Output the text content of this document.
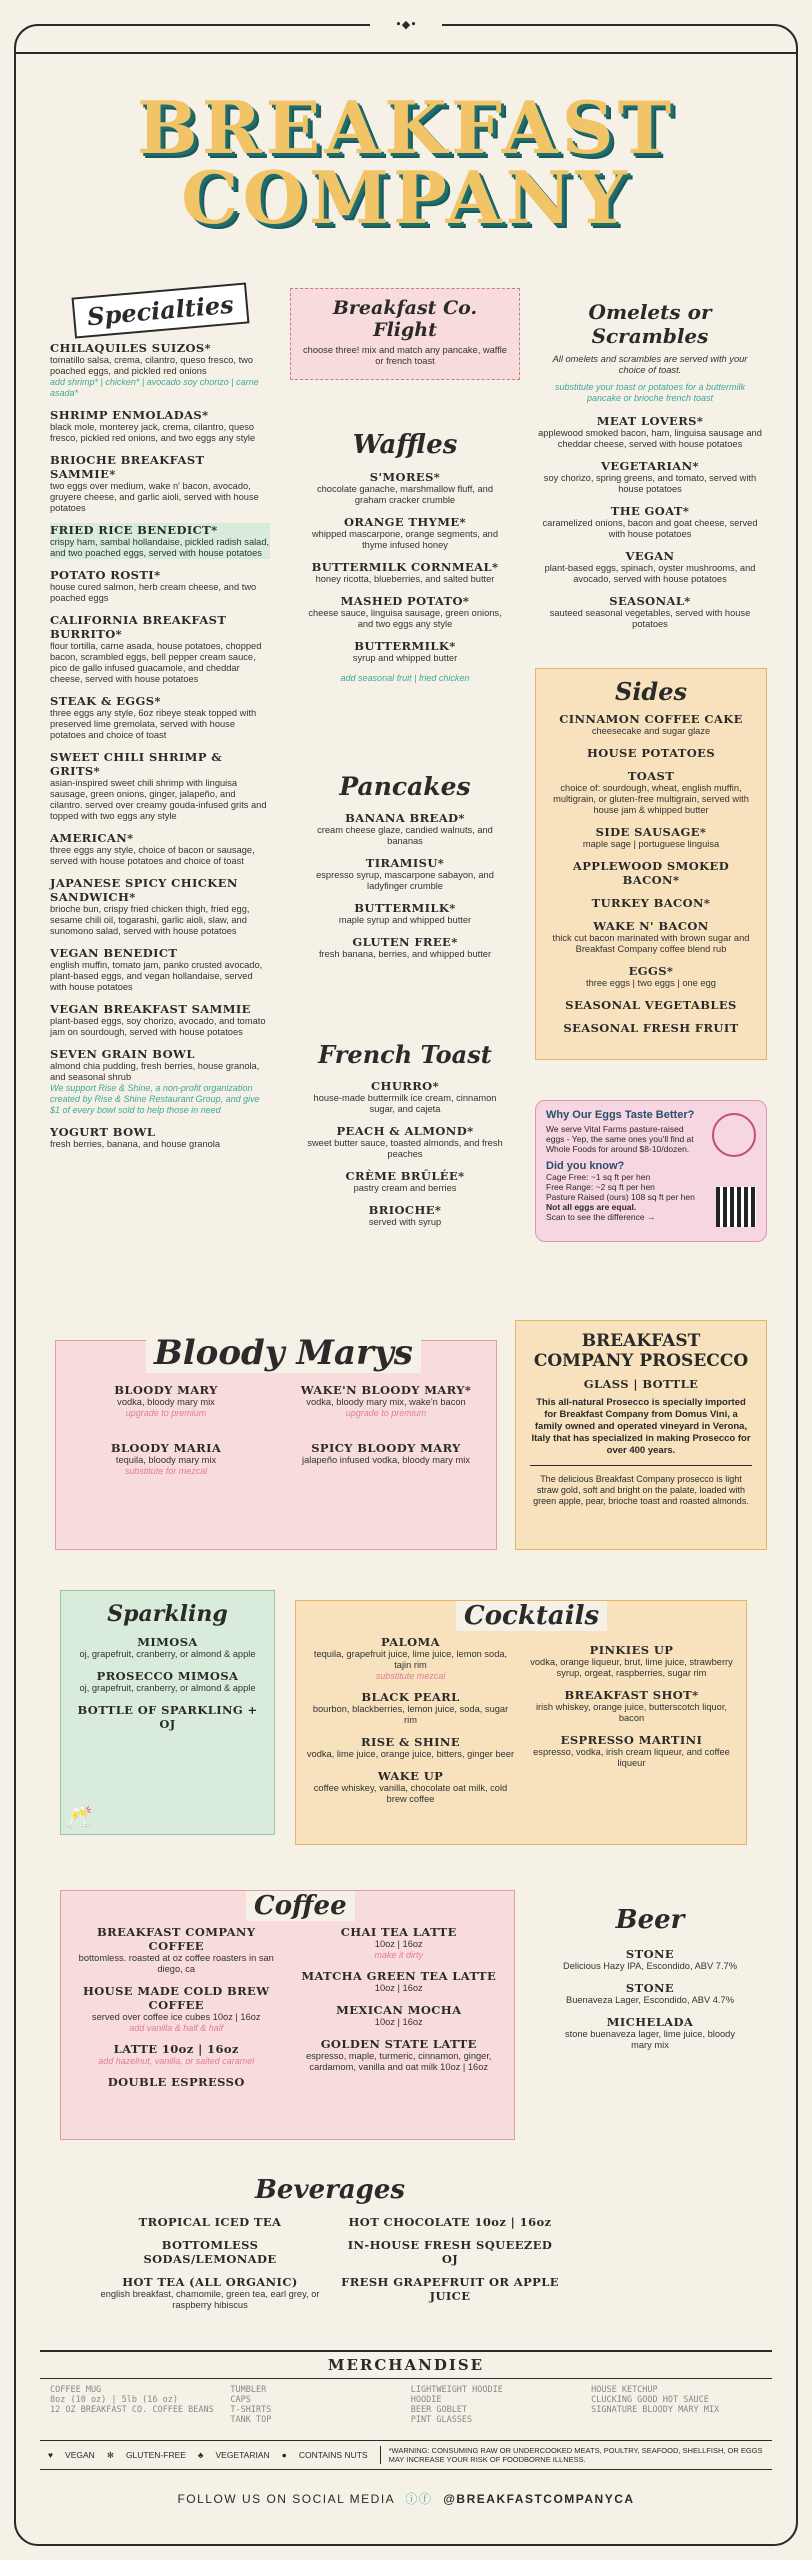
•◆•
BREAKFAST
COMPANY
Specialties
CHILAQUILES SUIZOS*
tomatillo salsa, crema, cilantro, queso fresco, two poached eggs, and pickled red onions
add shrimp* | chicken* | avocado soy chorizo | carne asada*
SHRIMP ENMOLADAS*
black mole, monterey jack, crema, cilantro, queso fresco, pickled red onions, and two eggs any style
BRIOCHE BREAKFAST SAMMIE*
two eggs over medium, wake n' bacon, avocado, gruyere cheese, and garlic aioli, served with house potatoes
FRIED RICE BENEDICT*
crispy ham, sambal hollandaise, pickled radish salad, and two poached eggs, served with house potatoes
POTATO ROSTI*
house cured salmon, herb cream cheese, and two poached eggs
CALIFORNIA BREAKFAST BURRITO*
flour tortilla, carne asada, house potatoes, chopped bacon, scrambled eggs, bell pepper cream sauce, pico de gallo infused guacamole, and cheddar cheese, served with house potatoes
STEAK & EGGS*
three eggs any style, 6oz ribeye steak topped with preserved lime gremolata, served with house potatoes and choice of toast
SWEET CHILI SHRIMP & GRITS*
asian-inspired sweet chili shrimp with linguisa sausage, green onions, ginger, jalapeño, and cilantro. served over creamy gouda-infused grits and topped with two eggs any style
AMERICAN*
three eggs any style, choice of bacon or sausage, served with house potatoes and choice of toast
JAPANESE SPICY CHICKEN SANDWICH*
brioche bun, crispy fried chicken thigh, fried egg, sesame chili oil, togarashi, garlic aioli, slaw, and sunomono salad, served with house potatoes
VEGAN BENEDICT
english muffin, tomato jam, panko crusted avocado, plant-based eggs, and vegan hollandaise, served with house potatoes
VEGAN BREAKFAST SAMMIE
plant-based eggs, soy chorizo, avocado, and tomato jam on sourdough, served with house potatoes
SEVEN GRAIN BOWL
almond chia pudding, fresh berries, house granola, and seasonal shrub
We support Rise & Shine, a non-profit organization created by Rise & Shine Restaurant Group, and give $1 of every bowl sold to help those in need
YOGURT BOWL
fresh berries, banana, and house granola
Breakfast Co. Flight
choose three! mix and match any pancake, waffle or french toast
Waffles
S'MORES*
chocolate ganache, marshmallow fluff, and graham cracker crumble
ORANGE THYME*
whipped mascarpone, orange segments, and thyme infused honey
BUTTERMILK CORNMEAL*
honey ricotta, blueberries, and salted butter
MASHED POTATO*
cheese sauce, linguisa sausage, green onions, and two eggs any style
BUTTERMILK*
syrup and whipped butter
add seasonal fruit | fried chicken
Pancakes
BANANA BREAD*
cream cheese glaze, candied walnuts, and bananas
TIRAMISU*
espresso syrup, mascarpone sabayon, and ladyfinger crumble
BUTTERMILK*
maple syrup and whipped butter
GLUTEN FREE*
fresh banana, berries, and whipped butter
French Toast
CHURRO*
house-made buttermilk ice cream, cinnamon sugar, and cajeta
PEACH & ALMOND*
sweet butter sauce, toasted almonds, and fresh peaches
CRÈME BRÛLÉE*
pastry cream and berries
BRIOCHE*
served with syrup
Omelets or Scrambles
All omelets and scrambles are served with your choice of toast.
substitute your toast or potatoes for a buttermilk pancake or brioche french toast
MEAT LOVERS*
applewood smoked bacon, ham, linguisa sausage and cheddar cheese, served with house potatoes
VEGETARIAN*
soy chorizo, spring greens, and tomato, served with house potatoes
THE GOAT*
caramelized onions, bacon and goat cheese, served with house potatoes
VEGAN
plant-based eggs, spinach, oyster mushrooms, and avocado, served with house potatoes
SEASONAL*
sauteed seasonal vegetables, served with house potatoes
Sides
CINNAMON COFFEE CAKE
cheesecake and sugar glaze
HOUSE POTATOES
TOAST
choice of: sourdough, wheat, english muffin, multigrain, or gluten-free multigrain, served with house jam & whipped butter
SIDE SAUSAGE*
maple sage | portuguese linguisa
APPLEWOOD SMOKED BACON*
TURKEY BACON*
WAKE N' BACON
thick cut bacon marinated with brown sugar and Breakfast Company coffee blend rub
EGGS*
three eggs | two eggs | one egg
SEASONAL VEGETABLES
SEASONAL FRESH FRUIT
Why Our Eggs Taste Better?
We serve Vital Farms pasture-raised eggs - Yep, the same ones you'll find at Whole Foods for around $8-10/dozen.
Did you know?
Cage Free: ~1 sq ft per hen
Free Range: ~2 sq ft per hen
Pasture Raised (ours) 108 sq ft per hen
Not all eggs are equal.
Scan to see the difference →
Bloody Marys
BLOODY MARY
vodka, bloody mary mix
upgrade to premium
WAKE'N BLOODY MARY*
vodka, bloody mary mix, wake'n bacon
upgrade to premium
BLOODY MARIA
tequila, bloody mary mix
substitute for mezcal
SPICY BLOODY MARY
jalapeño infused vodka, bloody mary mix
BREAKFAST COMPANY PROSECCO
GLASS | BOTTLE
This all-natural Prosecco is specially imported for Breakfast Company from Domus Vini, a family owned and operated vineyard in Verona, Italy that has specialized in making Prosecco for over 400 years.
The delicious Breakfast Company prosecco is light straw gold, soft and bright on the palate, loaded with green apple, pear, brioche toast and roasted almonds.
Sparkling
MIMOSA
oj, grapefruit, cranberry, or almond & apple
PROSECCO MIMOSA
oj, grapefruit, cranberry, or almond & apple
BOTTLE OF SPARKLING + OJ
🥂
Cocktails
PALOMA
tequila, grapefruit juice, lime juice, lemon soda, tajin rim
substitute mezcal
BLACK PEARL
bourbon, blackberries, lemon juice, soda, sugar rim
RISE & SHINE
vodka, lime juice, orange juice, bitters, ginger beer
WAKE UP
coffee whiskey, vanilla, chocolate oat milk, cold brew coffee
PINKIES UP
vodka, orange liqueur, brut, lime juice, strawberry syrup, orgeat, raspberries, sugar rim
BREAKFAST SHOT*
irish whiskey, orange juice, butterscotch liquor, bacon
ESPRESSO MARTINI
espresso, vodka, irish cream liqueur, and coffee liqueur
Coffee
BREAKFAST COMPANY COFFEE
bottomless. roasted at oz coffee roasters in san diego, ca
HOUSE MADE COLD BREW COFFEE
served over coffee ice cubes 10oz | 16oz
add vanilla & half & half
LATTE 10oz | 16oz
add hazelnut, vanilla, or salted caramel
DOUBLE ESPRESSO
CHAI TEA LATTE
10oz | 16oz
make it dirty
MATCHA GREEN TEA LATTE
10oz | 16oz
MEXICAN MOCHA
10oz | 16oz
GOLDEN STATE LATTE
espresso, maple, turmeric, cinnamon, ginger, cardamom, vanilla and oat milk 10oz | 16oz
Beer
STONE
Delicious Hazy IPA, Escondido, ABV 7.7%
STONE
Buenaveza Lager, Escondido, ABV 4.7%
MICHELADA
stone buenaveza lager, lime juice, bloody mary mix
Beverages
TROPICAL ICED TEA
BOTTOMLESS SODAS/LEMONADE
HOT TEA (ALL ORGANIC)
english breakfast, chamomile, green tea, earl grey, or raspberry hibiscus
HOT CHOCOLATE 10oz | 16oz
IN-HOUSE FRESH SQUEEZED OJ
FRESH GRAPEFRUIT OR APPLE JUICE
MERCHANDISE
COFFEE MUG
8oz (10 oz) | 5lb (16 oz)
12 OZ BREAKFAST CO. COFFEE BEANS
TUMBLER
CAPS
T-SHIRTS
TANK TOP
LIGHTWEIGHT HOODIE
HOODIE
BEER GOBLET
PINT GLASSES
HOUSE KETCHUP
CLUCKING GOOD HOT SAUCE
SIGNATURE BLOODY MARY MIX
♥ VEGAN ✻ GLUTEN-FREE ♣ VEGETARIAN ● CONTAINS NUTS	*WARNING: CONSUMING RAW OR UNDERCOOKED MEATS, POULTRY, SEAFOOD, SHELLFISH, OR EGGS MAY INCREASE YOUR RISK OF FOODBORNE ILLNESS.
FOLLOW US ON SOCIAL MEDIA ⓘⓕ @BREAKFASTCOMPANYCA
